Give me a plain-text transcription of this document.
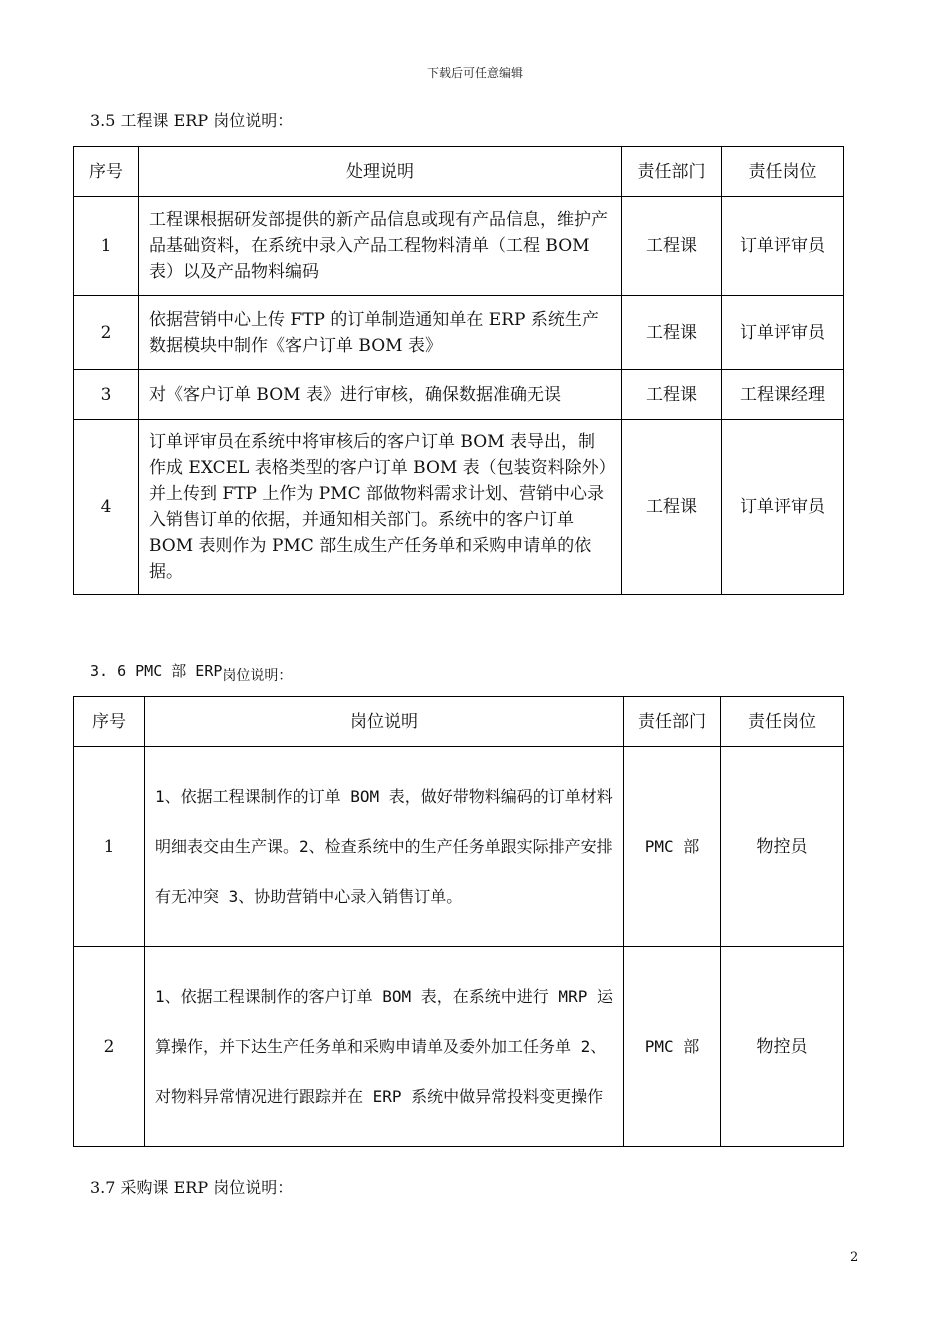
下载后可任意编辑
3.5 工程课 ERP 岗位说明：
序号	处理说明	责任部门	责任岗位
1	工程课根据研发部提供的新产品信息或现有产品信息，维护产品基础资料，在系统中录入产品工程物料清单（工程 BOM 表）以及产品物料编码	工程课	订单评审员
2	依据营销中心上传 FTP 的订单制造通知单在 ERP 系统生产数据模块中制作《客户订单 BOM 表》	工程课	订单评审员
3	对《客户订单 BOM 表》进行审核，确保数据准确无误	工程课	工程课经理
4	订单评审员在系统中将审核后的客户订单 BOM 表导出，制作成 EXCEL 表格类型的客户订单 BOM 表（包装资料除外）并上传到 FTP 上作为 PMC 部做物料需求计划、营销中心录入销售订单的依据，并通知相关部门。系统中的客户订单 BOM 表则作为 PMC 部生成生产任务单和采购申请单的依据。	工程课	订单评审员
3. 6 PMC 部 ERP岗位说明：
序号	岗位说明	责任部门	责任岗位
1	1、依据工程课制作的订单 BOM 表，做好带物料编码的订单材料明细表交由生产课。2、检查系统中的生产任务单跟实际排产安排有无冲突 3、协助营销中心录入销售订单。	PMC 部	物控员
2	1、依据工程课制作的客户订单 BOM 表，在系统中进行 MRP 运算操作，并下达生产任务单和采购申请单及委外加工任务单 2、对物料异常情况进行跟踪并在 ERP 系统中做异常投料变更操作	PMC 部	物控员
3.7 采购课 ERP 岗位说明：
2
